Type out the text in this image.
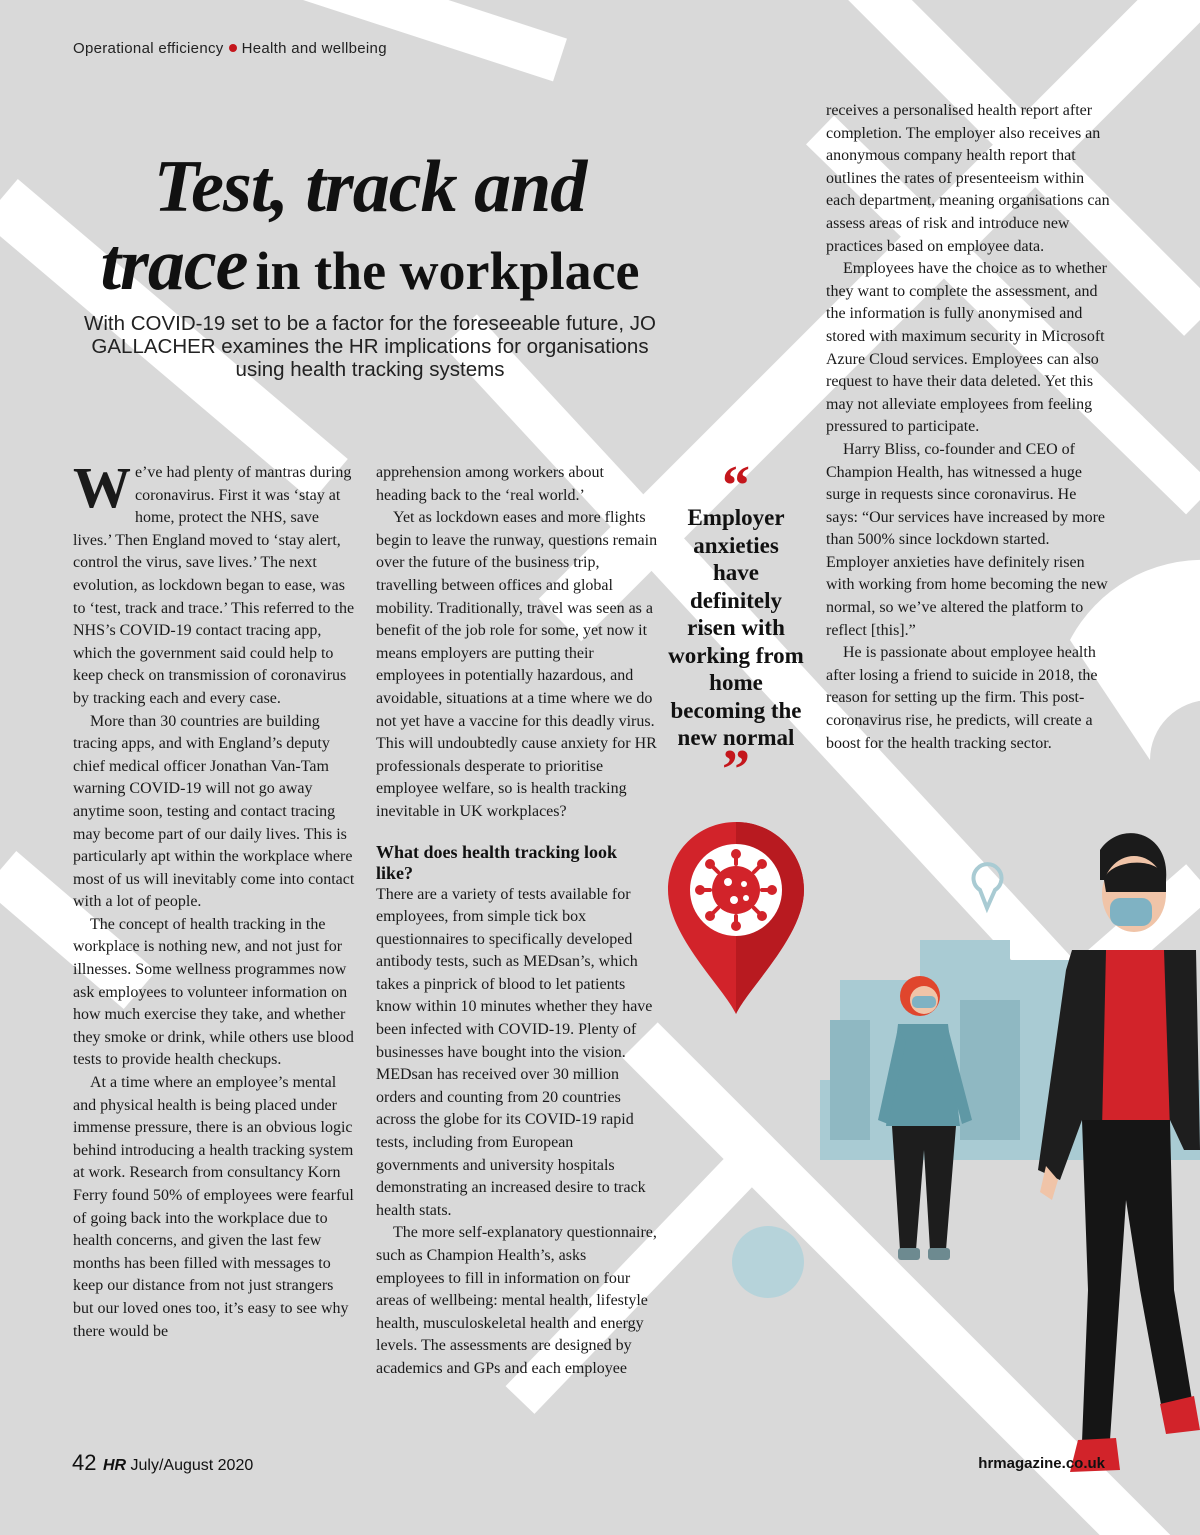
Operational efficiency Health and wellbeing
Test, track and
trace in the workplace

With COVID-19 set to be a factor for the foreseeable future, JO GALLACHER examines the HR implications for organisations using health tracking systems

We’ve had plenty of mantras during coronavirus. First it was ‘stay at home, protect the NHS, save lives.’ Then England moved to ‘stay alert, control the virus, save lives.’ The next evolution, as lockdown began to ease, was to ‘test, track and trace.’ This referred to the NHS’s COVID-19 contact tracing app, which the government said could help to keep check on transmission of coronavirus by tracking each and every case.

More than 30 countries are building tracing apps, and with England’s deputy chief medical officer Jonathan Van-Tam warning COVID-19 will not go away anytime soon, testing and contact tracing may become part of our daily lives. This is particularly apt within the workplace where most of us will inevitably come into contact with a lot of people.

The concept of health tracking in the workplace is nothing new, and not just for illnesses. Some wellness programmes now ask employees to volunteer information on how much exercise they take, and whether they smoke or drink, while others use blood tests to provide health checkups.

At a time where an employee’s mental and physical health is being placed under immense pressure, there is an obvious logic behind introducing a health tracking system at work. Research from consultancy Korn Ferry found 50% of employees were fearful of going back into the workplace due to health concerns, and given the last few months has been filled with messages to keep our distance from not just strangers but our loved ones too, it’s easy to see why there would be

apprehension among workers about heading back to the ‘real world.’

Yet as lockdown eases and more flights begin to leave the runway, questions remain over the future of the business trip, travelling between offices and global mobility. Traditionally, travel was seen as a benefit of the job role for some, yet now it means employers are putting their employees in potentially hazardous, and avoidable, situations at a time where we do not yet have a vaccine for this deadly virus. This will undoubtedly cause anxiety for HR professionals desperate to prioritise employee welfare, so is health tracking inevitable in UK workplaces?

What does health tracking look like?

There are a variety of tests available for employees, from simple tick box questionnaires to specifically developed antibody tests, such as MEDsan’s, which takes a pinprick of blood to let patients know within 10 minutes whether they have been infected with COVID-19. Plenty of businesses have bought into the vision. MEDsan has received over 30 million orders and counting from 20 countries across the globe for its COVID-19 rapid tests, including from European governments and university hospitals demonstrating an increased desire to track health stats.

The more self-explanatory questionnaire, such as Champion Health’s, asks employees to fill in information on four areas of wellbeing: mental health, lifestyle health, musculoskeletal health and energy levels. The assessments are designed by academics and GPs and each employee

“
Employer anxieties have definitely risen with working from home becoming the new normal
”

receives a personalised health report after completion. The employer also receives an anonymous company health report that outlines the rates of presenteeism within each department, meaning organisations can assess areas of risk and introduce new practices based on employee data.

Employees have the choice as to whether they want to complete the assessment, and the information is fully anonymised and stored with maximum security in Microsoft Azure Cloud services. Employees can also request to have their data deleted. Yet this may not alleviate employees from feeling pressured to participate.

Harry Bliss, co-founder and CEO of Champion Health, has witnessed a huge surge in requests since coronavirus. He says: “Our services have increased by more than 500% since lockdown started. Employer anxieties have definitely risen with working from home becoming the new normal, so we’ve altered the platform to reflect [this].”

He is passionate about employee health after losing a friend to suicide in 2018, the reason for setting up the firm. This post-coronavirus rise, he predicts, will create a boost for the health tracking sector.

42 HR July/August 2020	hrmagazine.co.uk
